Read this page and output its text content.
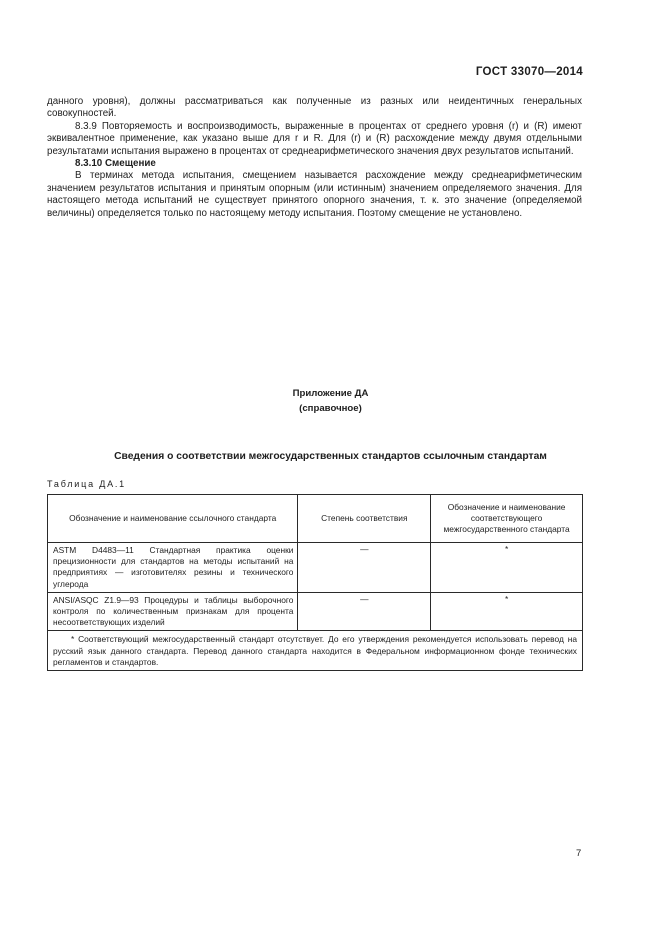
ГОСТ 33070—2014

данного уровня), должны рассматриваться как полученные из разных или неидентичных генеральных совокупностей.

8.3.9 Повторяемость и воспроизводимость, выраженные в процентах от среднего уровня (r) и (R) имеют эквивалентное применение, как указано выше для r и R. Для (r) и (R) расхождение между двумя отдельными результатами испытания выражено в процентах от среднеарифметического значения двух результатов испытаний.

8.3.10 Смещение

В терминах метода испытания, смещением называется расхождение между среднеарифметическим значением результатов испытания и принятым опорным (или истинным) значением определяемого значения. Для настоящего метода испытаний не существует принятого опорного значения, т. к. это значение (определяемой величины) определяется только по настоящему методу испытания. Поэтому смещение не установлено.

Приложение ДА
(справочное)
Сведения о соответствии межгосударственных стандартов ссылочным стандартам
Таблица ДА.1
Обозначение и наименование ссылочного стандарта	Степень соответствия	Обозначение и наименование соответствующего межгосударственного стандарта
ASTM D4483—11 Стандартная практика оценки прецизионности для стандартов на методы испытаний на предприятиях — изготовителях резины и технического углерода	—	*
ANSI/ASQC Z1.9—93 Процедуры и таблицы выборочного контроля по количественным признакам для процента несоответствующих изделий	—	*
* Соответствующий межгосударственный стандарт отсутствует. До его утверждения рекомендуется использовать перевод на русский язык данного стандарта. Перевод данного стандарта находится в Федеральном информационном фонде технических регламентов и стандартов.		
7
